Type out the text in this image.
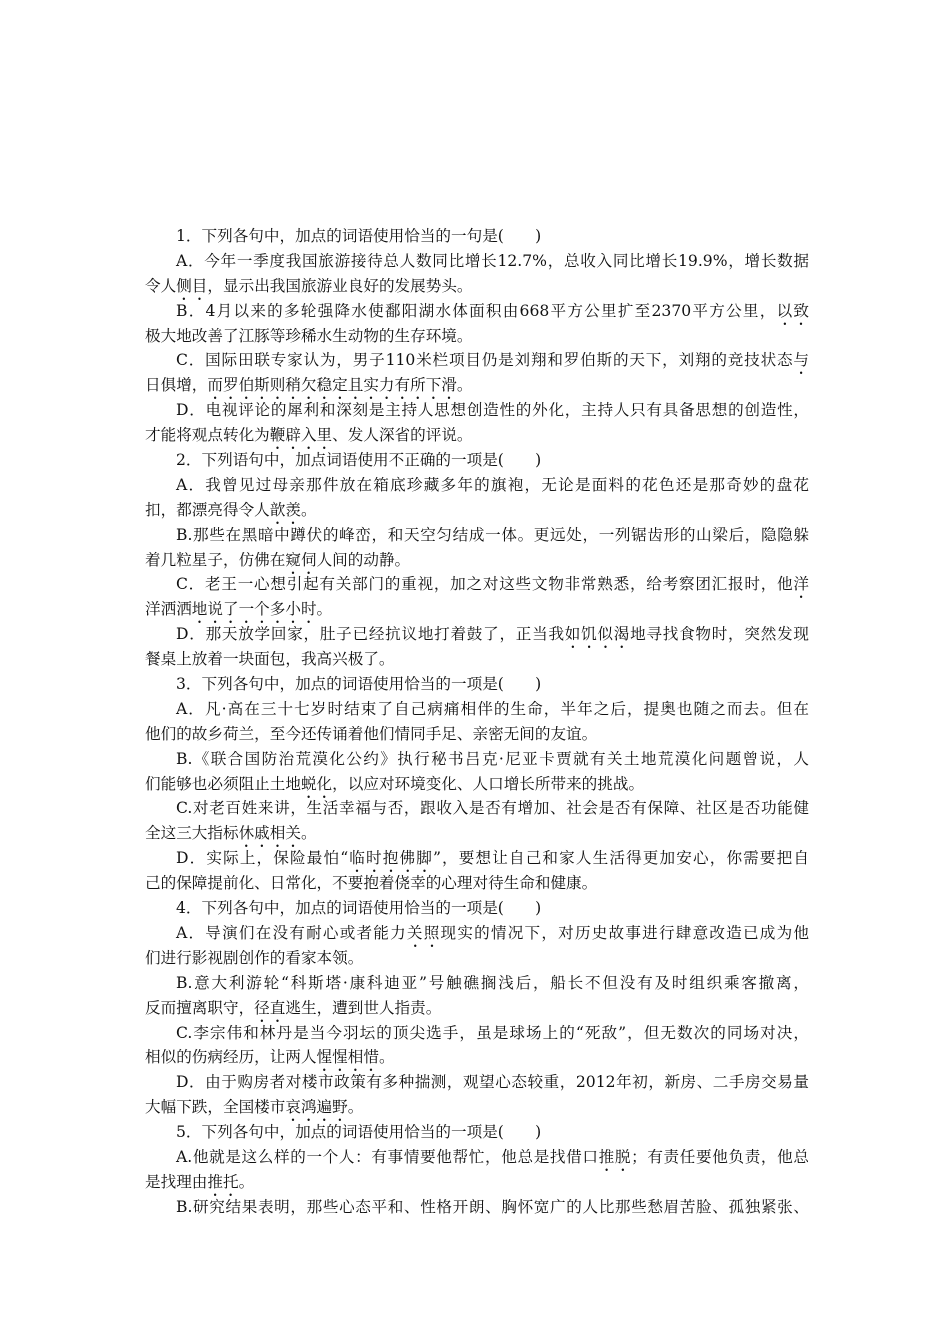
1．下列各句中，加点的词语使用恰当的一句是(　　)
A．今年一季度我国旅游接待总人数同比增长12.7%，总收入同比增长19.9%，增长数据
令人侧目，显示出我国旅游业良好的发展势头。
B．4月以来的多轮强降水使鄱阳湖水体面积由668平方公里扩至2370平方公里，以致
极大地改善了江豚等珍稀水生动物的生存环境。
C．国际田联专家认为，男子110米栏项目仍是刘翔和罗伯斯的天下，刘翔的竞技状态与
日俱增，而罗伯斯则稍欠稳定且实力有所下滑。
D．电视评论的犀利和深刻是主持人思想创造性的外化，主持人只有具备思想的创造性，
才能将观点转化为鞭辟入里、发人深省的评说。
2．下列语句中，加点词语使用不正确的一项是(　　)
A．我曾见过母亲那件放在箱底珍藏多年的旗袍，无论是面料的花色还是那奇妙的盘花
扣，都漂亮得令人歆羡。
B.那些在黑暗中蹲伏的峰峦，和天空匀结成一体。更远处，一列锯齿形的山梁后，隐隐躲
着几粒星子，仿佛在窥伺人间的动静。
C．老王一心想引起有关部门的重视，加之对这些文物非常熟悉，给考察团汇报时，他洋
洋洒洒地说了一个多小时。
D．那天放学回家，肚子已经抗议地打着鼓了，正当我如饥似渴地寻找食物时，突然发现
餐桌上放着一块面包，我高兴极了。
3．下列各句中，加点的词语使用恰当的一项是(　　)
A．凡·高在三十七岁时结束了自己病痛相伴的生命，半年之后，提奥也随之而去。但在
他们的故乡荷兰，至今还传诵着他们情同手足、亲密无间的友谊。
B.《联合国防治荒漠化公约》执行秘书吕克·尼亚卡贾就有关土地荒漠化问题曾说，人
们能够也必须阻止土地蜕化，以应对环境变化、人口增长所带来的挑战。
C.对老百姓来讲，生活幸福与否，跟收入是否有增加、社会是否有保障、社区是否功能健
全这三大指标休戚相关。
D．实际上，保险最怕“临时抱佛脚”，要想让自己和家人生活得更加安心，你需要把自
己的保障提前化、日常化，不要抱着侥幸的心理对待生命和健康。
4．下列各句中，加点的词语使用恰当的一项是(　　)
A．导演们在没有耐心或者能力关照现实的情况下，对历史故事进行肆意改造已成为他
们进行影视剧创作的看家本领。
B.意大利游轮“科斯塔·康科迪亚”号触礁搁浅后，船长不但没有及时组织乘客撤离，
反而擅离职守，径直逃生，遭到世人指责。
C.李宗伟和林丹是当今羽坛的顶尖选手，虽是球场上的“死敌”，但无数次的同场对决，
相似的伤病经历，让两人惺惺相惜。
D．由于购房者对楼市政策有多种揣测，观望心态较重，2012年初，新房、二手房交易量
大幅下跌，全国楼市哀鸿遍野。
5．下列各句中，加点的词语使用恰当的一项是(　　)
A.他就是这么样的一个人：有事情要他帮忙，他总是找借口推脱；有责任要他负责，他总
是找理由推托。
B.研究结果表明，那些心态平和、性格开朗、胸怀宽广的人比那些愁眉苦脸、孤独紧张、
